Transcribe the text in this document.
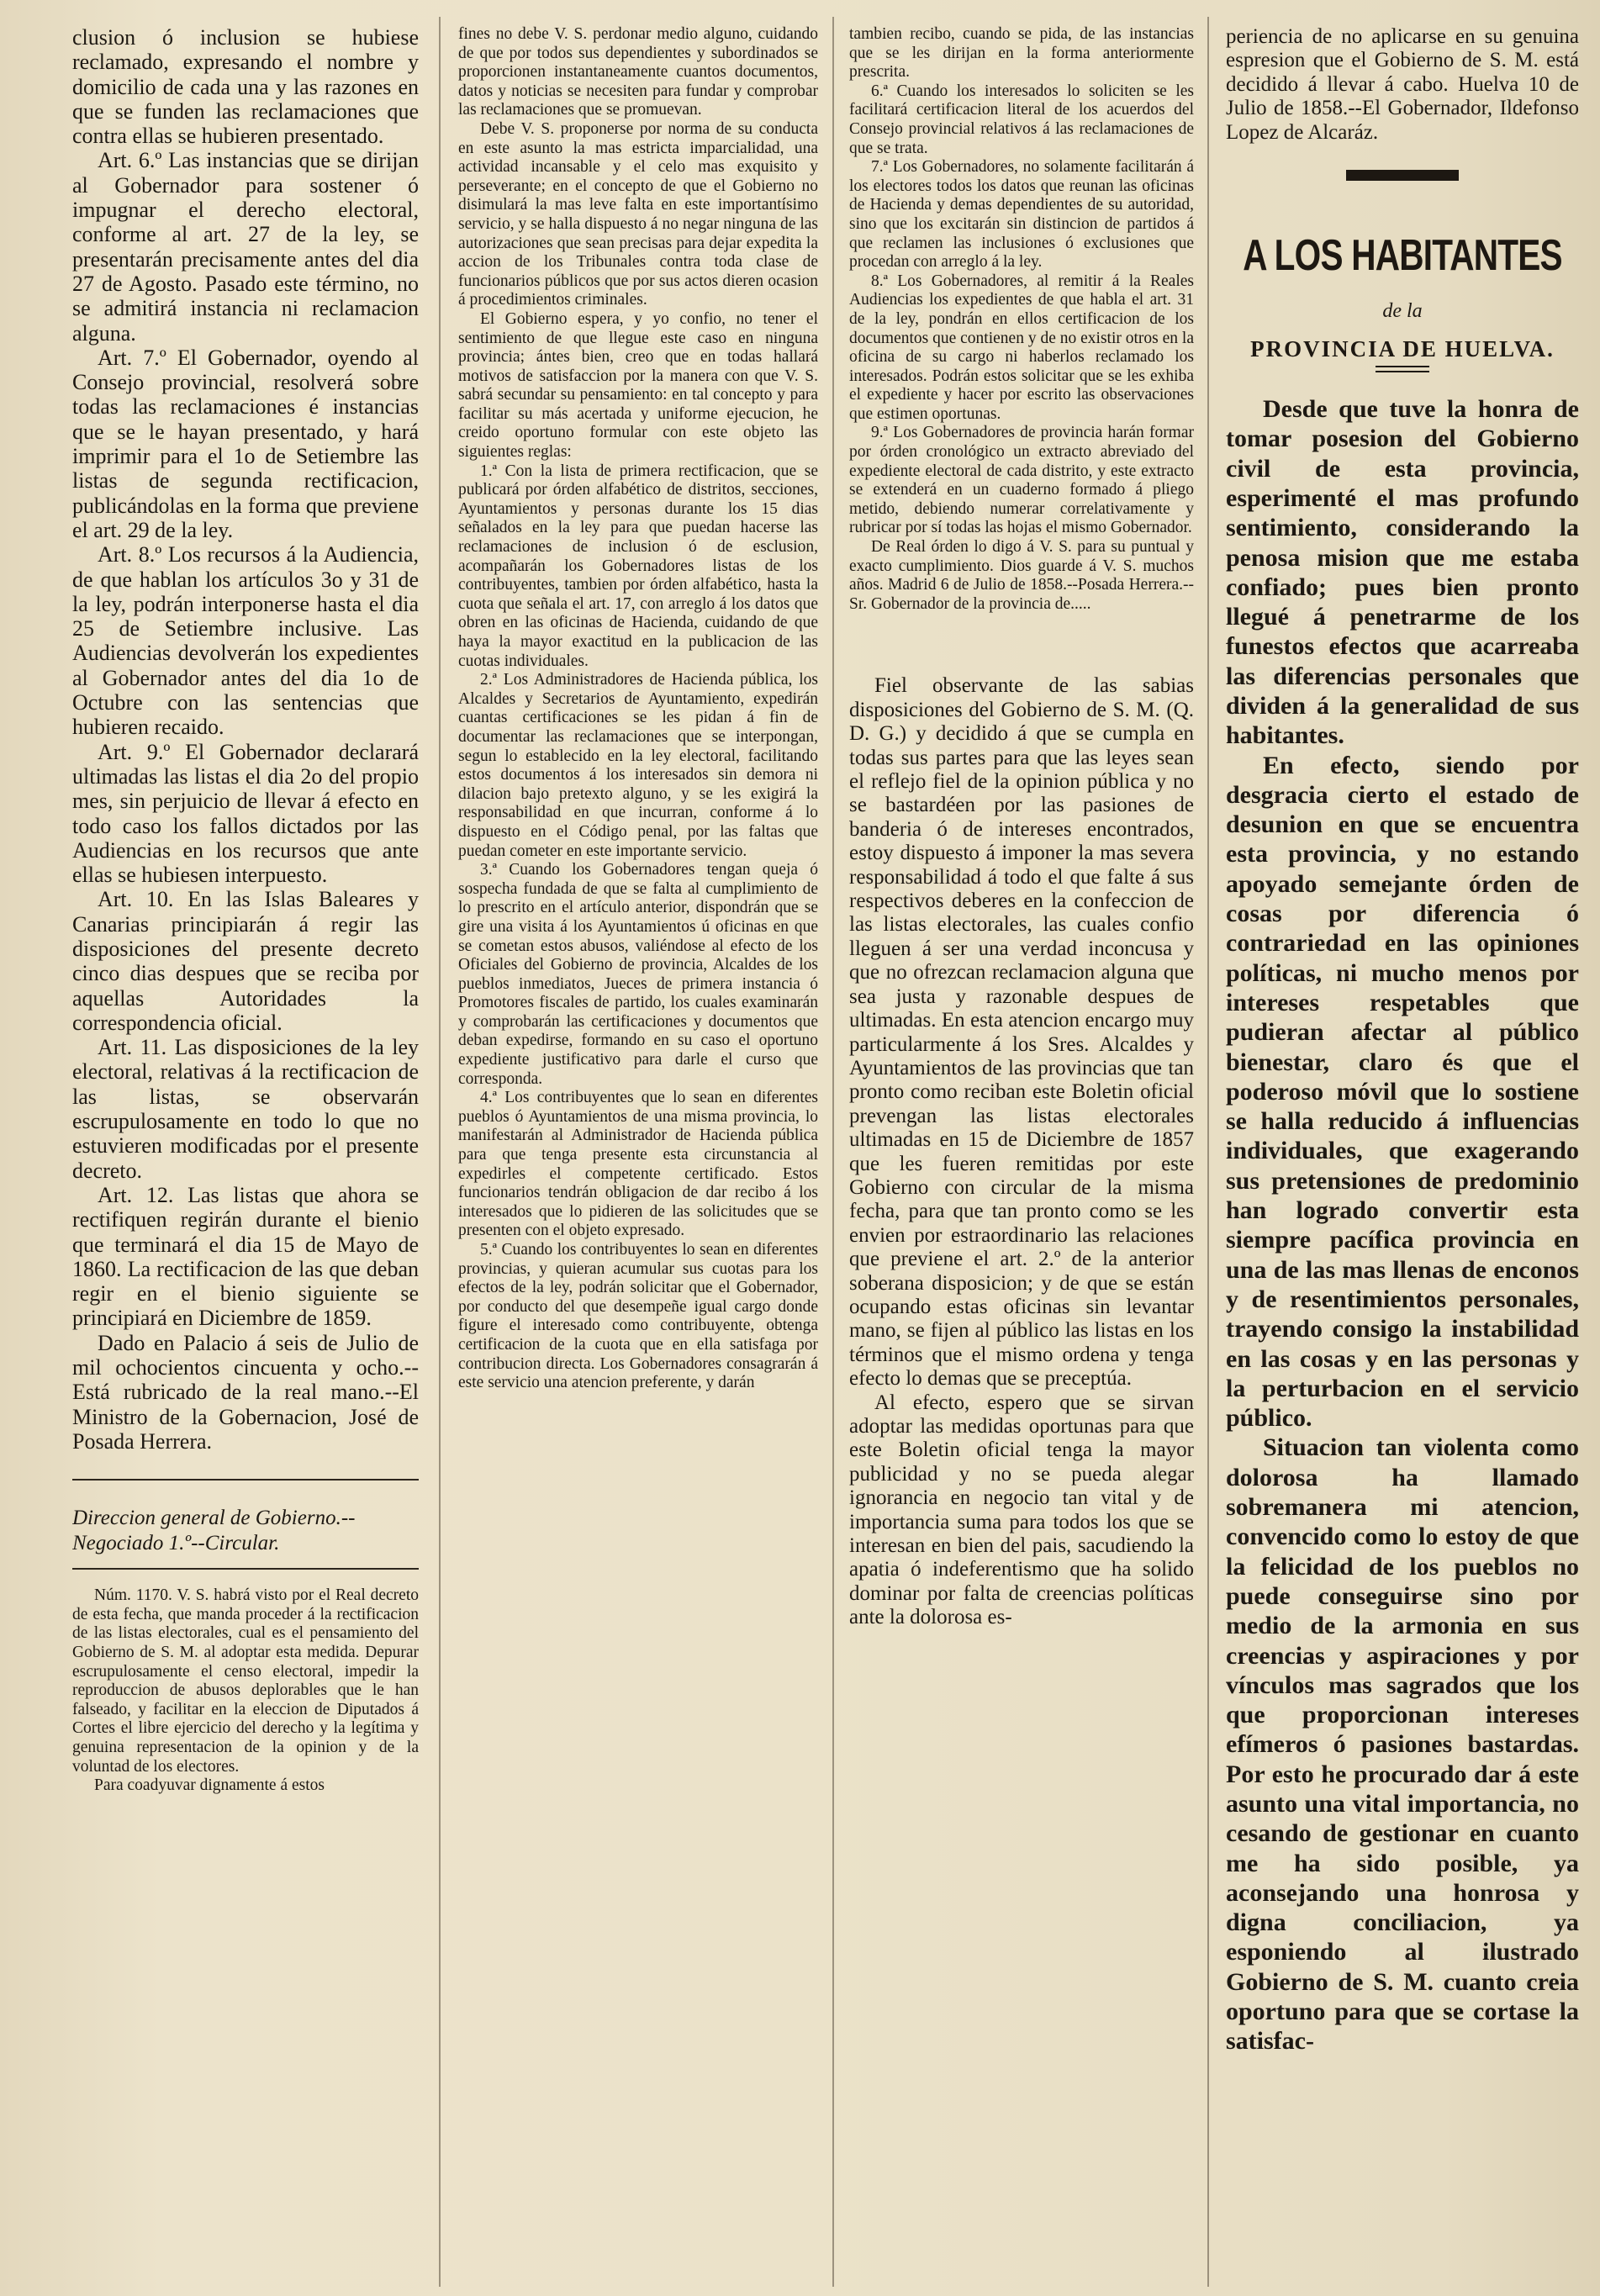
clusion ó inclusion se hubiese reclamado, expresando el nombre y domicilio de cada una y las razones en que se funden las reclamaciones que contra ellas se hubieren presentado.

Art. 6.º Las instancias que se dirijan al Gobernador para sostener ó impugnar el derecho electoral, conforme al art. 27 de la ley, se presentarán precisamente antes del dia 27 de Agosto. Pasado este término, no se admitirá instancia ni reclamacion alguna.

Art. 7.º El Gobernador, oyendo al Consejo provincial, resolverá sobre todas las reclamaciones é instancias que se le hayan presentado, y hará imprimir para el 1o de Setiembre las listas de segunda rectificacion, publicándolas en la forma que previene el art. 29 de la ley.

Art. 8.º Los recursos á la Audiencia, de que hablan los artículos 3o y 31 de la ley, podrán interponerse hasta el dia 25 de Setiembre inclusive. Las Audiencias devolverán los expedientes al Gobernador antes del dia 1o de Octubre con las sentencias que hubieren recaido.

Art. 9.º El Gobernador declarará ultimadas las listas el dia 2o del propio mes, sin perjuicio de llevar á efecto en todo caso los fallos dictados por las Audiencias en los recursos que ante ellas se hubiesen interpuesto.

Art. 10. En las Islas Baleares y Canarias principiarán á regir las disposiciones del presente decreto cinco dias despues que se reciba por aquellas Autoridades la correspondencia oficial.

Art. 11. Las disposiciones de la ley electoral, relativas á la rectificacion de las listas, se observarán escrupulosamente en todo lo que no estuvieren modificadas por el presente decreto.

Art. 12. Las listas que ahora se rectifiquen regirán durante el bienio que terminará el dia 15 de Mayo de 1860. La rectificacion de las que deban regir en el bienio siguiente se principiará en Diciembre de 1859.

Dado en Palacio á seis de Julio de mil ochocientos cincuenta y ocho.--Está rubricado de la real mano.--El Ministro de la Gobernacion, José de Posada Herrera.

Direccion general de Gobierno.-- Negociado 1.º--Circular.

Núm. 1170. V. S. habrá visto por el Real decreto de esta fecha, que manda proceder á la rectificacion de las listas electorales, cual es el pensamiento del Gobierno de S. M. al adoptar esta medida. Depurar escrupulosamente el censo electoral, impedir la reproduccion de abusos deplorables que le han falseado, y facilitar en la eleccion de Diputados á Cortes el libre ejercicio del derecho y la legítima y genuina representacion de la opinion y de la voluntad de los electores.

Para coadyuvar dignamente á estos

fines no debe V. S. perdonar medio alguno, cuidando de que por todos sus dependientes y subordinados se proporcionen instantaneamente cuantos documentos, datos y noticias se necesiten para fundar y comprobar las reclamaciones que se promuevan.

Debe V. S. proponerse por norma de su conducta en este asunto la mas estricta imparcialidad, una actividad incansable y el celo mas exquisito y perseverante; en el concepto de que el Gobierno no disimulará la mas leve falta en este importantísimo servicio, y se halla dispuesto á no negar ninguna de las autorizaciones que sean precisas para dejar expedita la accion de los Tribunales contra toda clase de funcionarios públicos que por sus actos dieren ocasion á procedimientos criminales.

El Gobierno espera, y yo confio, no tener el sentimiento de que llegue este caso en ninguna provincia; ántes bien, creo que en todas hallará motivos de satisfaccion por la manera con que V. S. sabrá secundar su pensamiento: en tal concepto y para facilitar su más acertada y uniforme ejecucion, he creido oportuno formular con este objeto las siguientes reglas:

1.ª Con la lista de primera rectificacion, que se publicará por órden alfabético de distritos, secciones, Ayuntamientos y personas durante los 15 dias señalados en la ley para que puedan hacerse las reclamaciones de inclusion ó de esclusion, acompañarán los Gobernadores listas de los contribuyentes, tambien por órden alfabético, hasta la cuota que señala el art. 17, con arreglo á los datos que obren en las oficinas de Hacienda, cuidando de que haya la mayor exactitud en la publicacion de las cuotas individuales.

2.ª Los Administradores de Hacienda pública, los Alcaldes y Secretarios de Ayuntamiento, expedirán cuantas certificaciones se les pidan á fin de documentar las reclamaciones que se interpongan, segun lo establecido en la ley electoral, facilitando estos documentos á los interesados sin demora ni dilacion bajo pretexto alguno, y se les exigirá la responsabilidad en que incurran, conforme á lo dispuesto en el Código penal, por las faltas que puedan cometer en este importante servicio.

3.ª Cuando los Gobernadores tengan queja ó sospecha fundada de que se falta al cumplimiento de lo prescrito en el artículo anterior, dispondrán que se gire una visita á los Ayuntamientos ú oficinas en que se cometan estos abusos, valiéndose al efecto de los Oficiales del Gobierno de provincia, Alcaldes de los pueblos inmediatos, Jueces de primera instancia ó Promotores fiscales de partido, los cuales examinarán y comprobarán las certificaciones y documentos que deban expedirse, formando en su caso el oportuno expediente justificativo para darle el curso que corresponda.

4.ª Los contribuyentes que lo sean en diferentes pueblos ó Ayuntamientos de una misma provincia, lo manifestarán al Administrador de Hacienda pública para que tenga presente esta circunstancia al expedirles el competente certificado. Estos funcionarios tendrán obligacion de dar recibo á los interesados que lo pidieren de las solicitudes que se presenten con el objeto expresado.

5.ª Cuando los contribuyentes lo sean en diferentes provincias, y quieran acumular sus cuotas para los efectos de la ley, podrán solicitar que el Gobernador, por conducto del que desempeñe igual cargo donde figure el interesado como contribuyente, obtenga certificacion de la cuota que en ella satisfaga por contribucion directa. Los Gobernadores consagrarán á este servicio una atencion preferente, y darán

tambien recibo, cuando se pida, de las instancias que se les dirijan en la forma anteriormente prescrita.

6.ª Cuando los interesados lo soliciten se les facilitará certificacion literal de los acuerdos del Consejo provincial relativos á las reclamaciones de que se trata.

7.ª Los Gobernadores, no solamente facilitarán á los electores todos los datos que reunan las oficinas de Hacienda y demas dependientes de su autoridad, sino que los excitarán sin distincion de partidos á que reclamen las inclusiones ó exclusiones que procedan con arreglo á la ley.

8.ª Los Gobernadores, al remitir á la Reales Audiencias los expedientes de que habla el art. 31 de la ley, pondrán en ellos certificacion de los documentos que contienen y de no existir otros en la oficina de su cargo ni haberlos reclamado los interesados. Podrán estos solicitar que se les exhiba el expediente y hacer por escrito las observaciones que estimen oportunas.

9.ª Los Gobernadores de provincia harán formar por órden cronológico un extracto abreviado del expediente electoral de cada distrito, y este extracto se extenderá en un cuaderno formado á pliego metido, debiendo numerar correlativamente y rubricar por sí todas las hojas el mismo Gobernador.

De Real órden lo digo á V. S. para su puntual y exacto cumplimiento. Dios guarde á V. S. muchos años. Madrid 6 de Julio de 1858.--Posada Herrera.--Sr. Gobernador de la provincia de.....

Fiel observante de las sabias disposiciones del Gobierno de S. M. (Q. D. G.) y decidido á que se cumpla en todas sus partes para que las leyes sean el reflejo fiel de la opinion pública y no se bastardéen por las pasiones de banderia ó de intereses encontrados, estoy dispuesto á imponer la mas severa responsabilidad á todo el que falte á sus respectivos deberes en la confeccion de las listas electorales, las cuales confio lleguen á ser una verdad inconcusa y que no ofrezcan reclamacion alguna que sea justa y razonable despues de ultimadas. En esta atencion encargo muy particularmente á los Sres. Alcaldes y Ayuntamientos de las provincias que tan pronto como reciban este Boletin oficial prevengan las listas electorales ultimadas en 15 de Diciembre de 1857 que les fueren remitidas por este Gobierno con circular de la misma fecha, para que tan pronto como se les envien por estraordinario las relaciones que previene el art. 2.º de la anterior soberana disposicion; y de que se están ocupando estas oficinas sin levantar mano, se fijen al público las listas en los términos que el mismo ordena y tenga efecto lo demas que se preceptúa.

Al efecto, espero que se sirvan adoptar las medidas oportunas para que este Boletin oficial tenga la mayor publicidad y no se pueda alegar ignorancia en negocio tan vital y de importancia suma para todos los que se interesan en bien del pais, sacudiendo la apatia ó indeferentismo que ha solido dominar por falta de creencias políticas ante la dolorosa es-

periencia de no aplicarse en su genuina espresion que el Gobierno de S. M. está decidido á llevar á cabo. Huelva 10 de Julio de 1858.--El Gobernador, Ildefonso Lopez de Alcaráz.

A LOS HABITANTES
de la
PROVINCIA DE HUELVA.

Desde que tuve la honra de tomar posesion del Gobierno civil de esta provincia, esperimenté el mas profundo sentimiento, considerando la penosa mision que me estaba confiado; pues bien pronto llegué á penetrarme de los funestos efectos que acarreaba las diferencias personales que dividen á la generalidad de sus habitantes.

En efecto, siendo por desgracia cierto el estado de desunion en que se encuentra esta provincia, y no estando apoyado semejante órden de cosas por diferencia ó contrariedad en las opiniones políticas, ni mucho menos por intereses respetables que pudieran afectar al público bienestar, claro és que el poderoso móvil que lo sostiene se halla reducido á influencias individuales, que exagerando sus pretensiones de predominio han logrado convertir esta siempre pacífica provincia en una de las mas llenas de enconos y de resentimientos personales, trayendo consigo la instabilidad en las cosas y en las personas y la perturbacion en el servicio público.

Situacion tan violenta como dolorosa ha llamado sobremanera mi atencion, convencido como lo estoy de que la felicidad de los pueblos no puede conseguirse sino por medio de la armonia en sus creencias y aspiraciones y por vínculos mas sagrados que los que proporcionan intereses efímeros ó pasiones bastardas. Por esto he procurado dar á este asunto una vital importancia, no cesando de gestionar en cuanto me ha sido posible, ya aconsejando una honrosa y digna conciliacion, ya esponiendo al ilustrado Gobierno de S. M. cuanto creia oportuno para que se cortase la satisfac-
